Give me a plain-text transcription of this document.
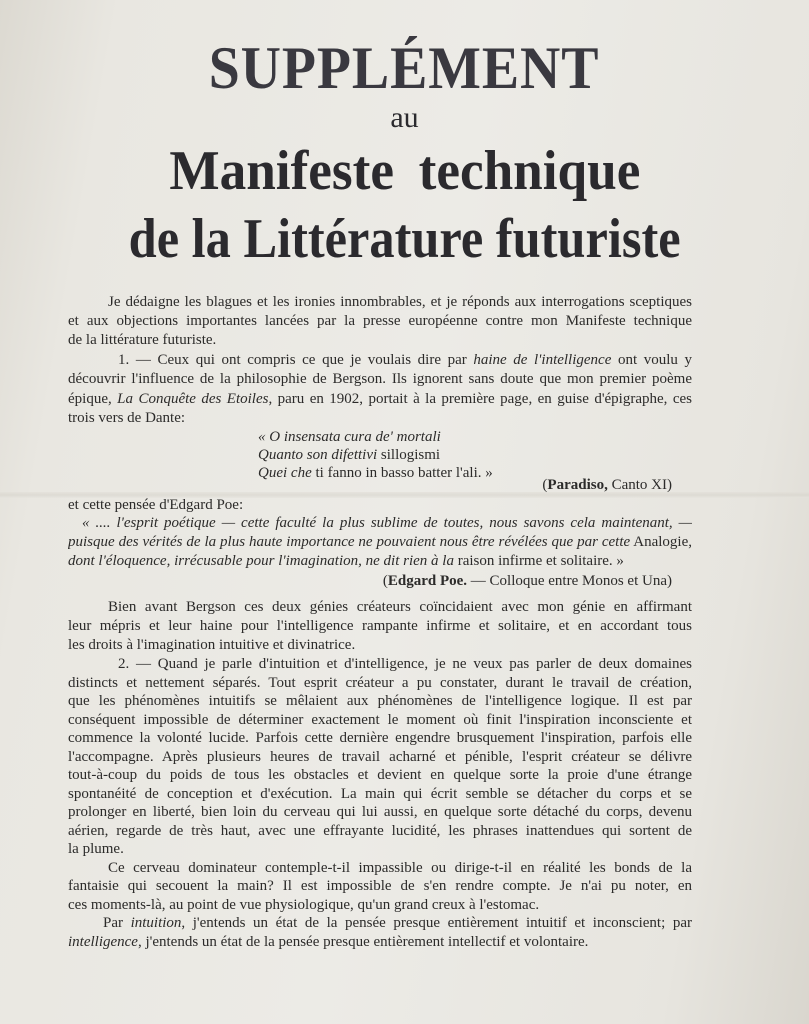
SUPPLÉMENT
au
Manifeste technique
de la Littérature futuriste
Je dédaigne les blagues et les ironies innombrables, et je réponds aux interrogations sceptiques
et aux objections importantes lancées par la presse européenne contre mon Manifeste technique
de la littérature futuriste.
1. — Ceux qui ont compris ce que je voulais dire par haine de l'intelligence ont voulu y
découvrir l'influence de la philosophie de Bergson. Ils ignorent sans doute que mon premier poème
épique, La Conquête des Etoiles, paru en 1902, portait à la première page, en guise d'épigraphe, ces
trois vers de Dante:
« O insensata cura de' mortali
Quanto son difettivi sillogismi
Quei che ti fanno in basso batter l'ali. »
(Paradiso, Canto XI)
et cette pensée d'Edgard Poe:
« .... l'esprit poétique — cette faculté la plus sublime de toutes, nous savons cela maintenant, —
puisque des vérités de la plus haute importance ne pouvaient nous être révélées que par cette Analogie,
dont l'éloquence, irrécusable pour l'imagination, ne dit rien à la raison infirme et solitaire. »
(Edgard Poe. — Colloque entre Monos et Una)
Bien avant Bergson ces deux génies créateurs coïncidaient avec mon génie en affirmant
leur mépris et leur haine pour l'intelligence rampante infirme et solitaire, et en accordant tous
les droits à l'imagination intuitive et divinatrice.
2. — Quand je parle d'intuition et d'intelligence, je ne veux pas parler de deux domaines
distincts et nettement séparés. Tout esprit créateur a pu constater, durant le travail de création,
que les phénomènes intuitifs se mêlaient aux phénomènes de l'intelligence logique. Il est par
conséquent impossible de déterminer exactement le moment où finit l'inspiration inconsciente et
commence la volonté lucide. Parfois cette dernière engendre brusquement l'inspiration, parfois elle
l'accompagne. Après plusieurs heures de travail acharné et pénible, l'esprit créateur se délivre
tout-à-coup du poids de tous les obstacles et devient en quelque sorte la proie d'une étrange
spontanéité de conception et d'exécution. La main qui écrit semble se détacher du corps et se
prolonger en liberté, bien loin du cerveau qui lui aussi, en quelque sorte détaché du corps, devenu
aérien, regarde de très haut, avec une effrayante lucidité, les phrases inattendues qui sortent de
la plume.
Ce cerveau dominateur contemple-t-il impassible ou dirige-t-il en réalité les bonds de la
fantaisie qui secouent la main? Il est impossible de s'en rendre compte. Je n'ai pu noter, en
ces moments-là, au point de vue physiologique, qu'un grand creux à l'estomac.
Par intuition, j'entends un état de la pensée presque entièrement intuitif et inconscient; par
intelligence, j'entends un état de la pensée presque entièrement intellectif et volontaire.
